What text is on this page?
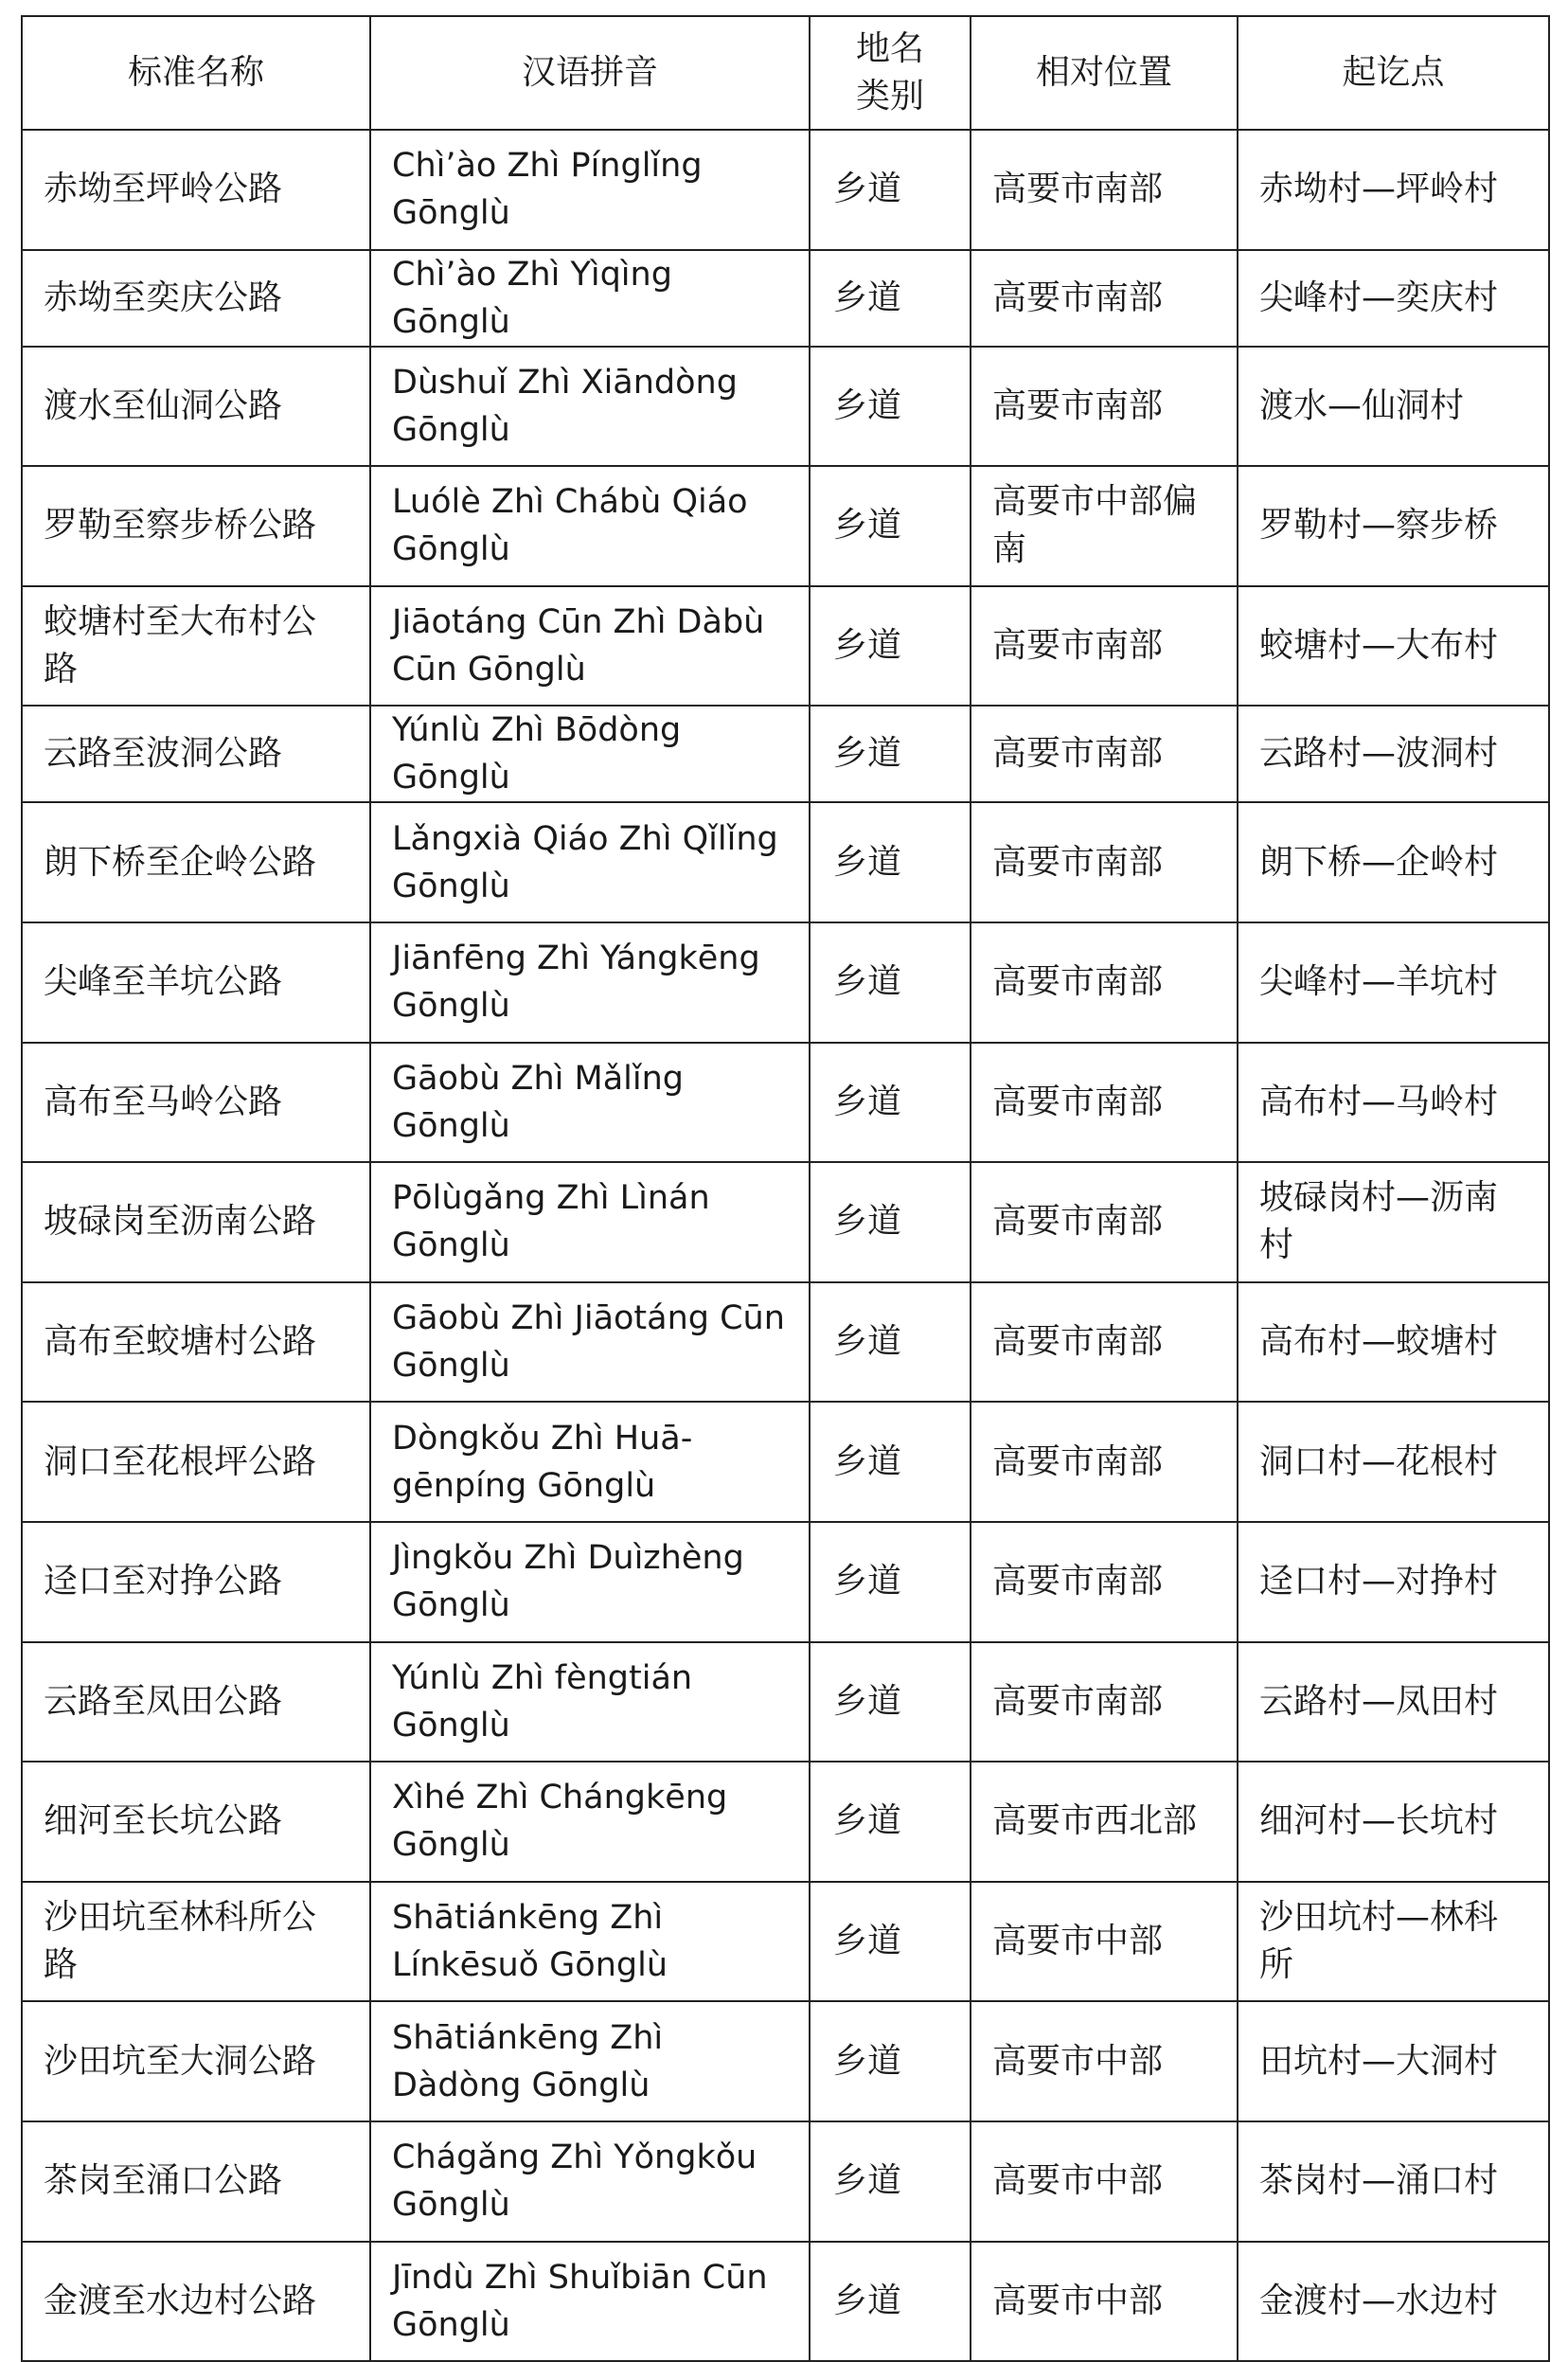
标准名称	汉语拼音	地名类别	相对位置	起讫点
赤坳至坪岭公路	Chì’ào Zhì Pínglǐng Gōnglù	乡道	高要市南部	赤坳村—坪岭村
赤坳至奕庆公路	Chì’ào Zhì Yìqìng Gōnglù	乡道	高要市南部	尖峰村—奕庆村
渡水至仙洞公路	Dùshuǐ Zhì Xiāndòng Gōnglù	乡道	高要市南部	渡水—仙洞村
罗勒至察步桥公路	Luólè Zhì Chábù Qiáo Gōnglù	乡道	高要市中部偏南	罗勒村—察步桥
蛟塘村至大布村公路	Jiāotáng Cūn Zhì Dàbù Cūn Gōnglù	乡道	高要市南部	蛟塘村—大布村
云路至波洞公路	Yúnlù Zhì Bōdòng Gōnglù	乡道	高要市南部	云路村—波洞村
朗下桥至企岭公路	Lǎngxià Qiáo Zhì Qǐlǐng Gōnglù	乡道	高要市南部	朗下桥—企岭村
尖峰至羊坑公路	Jiānfēng Zhì Yángkēng Gōnglù	乡道	高要市南部	尖峰村—羊坑村
高布至马岭公路	Gāobù Zhì Mǎlǐng Gōnglù	乡道	高要市南部	高布村—马岭村
坡碌岗至沥南公路	Pōlùgǎng Zhì Lìnán Gōnglù	乡道	高要市南部	坡碌岗村—沥南村
高布至蛟塘村公路	Gāobù Zhì Jiāotáng Cūn Gōnglù	乡道	高要市南部	高布村—蛟塘村
洞口至花根坪公路	Dòngkǒu Zhì Huā-gēnpíng Gōnglù	乡道	高要市南部	洞口村—花根村
迳口至对挣公路	Jìngkǒu Zhì Duìzhèng Gōnglù	乡道	高要市南部	迳口村—对挣村
云路至凤田公路	Yúnlù Zhì fèngtián Gōnglù	乡道	高要市南部	云路村—凤田村
细河至长坑公路	Xìhé Zhì Chángkēng Gōnglù	乡道	高要市西北部	细河村—长坑村
沙田坑至林科所公路	Shātiánkēng Zhì Línkēsuǒ Gōnglù	乡道	高要市中部	沙田坑村—林科所
沙田坑至大洞公路	Shātiánkēng Zhì Dàdòng Gōnglù	乡道	高要市中部	田坑村—大洞村
茶岗至涌口公路	Chágǎng Zhì Yǒngkǒu Gōnglù	乡道	高要市中部	茶岗村—涌口村
金渡至水边村公路	Jīndù Zhì Shuǐbiān Cūn Gōnglù	乡道	高要市中部	金渡村—水边村
